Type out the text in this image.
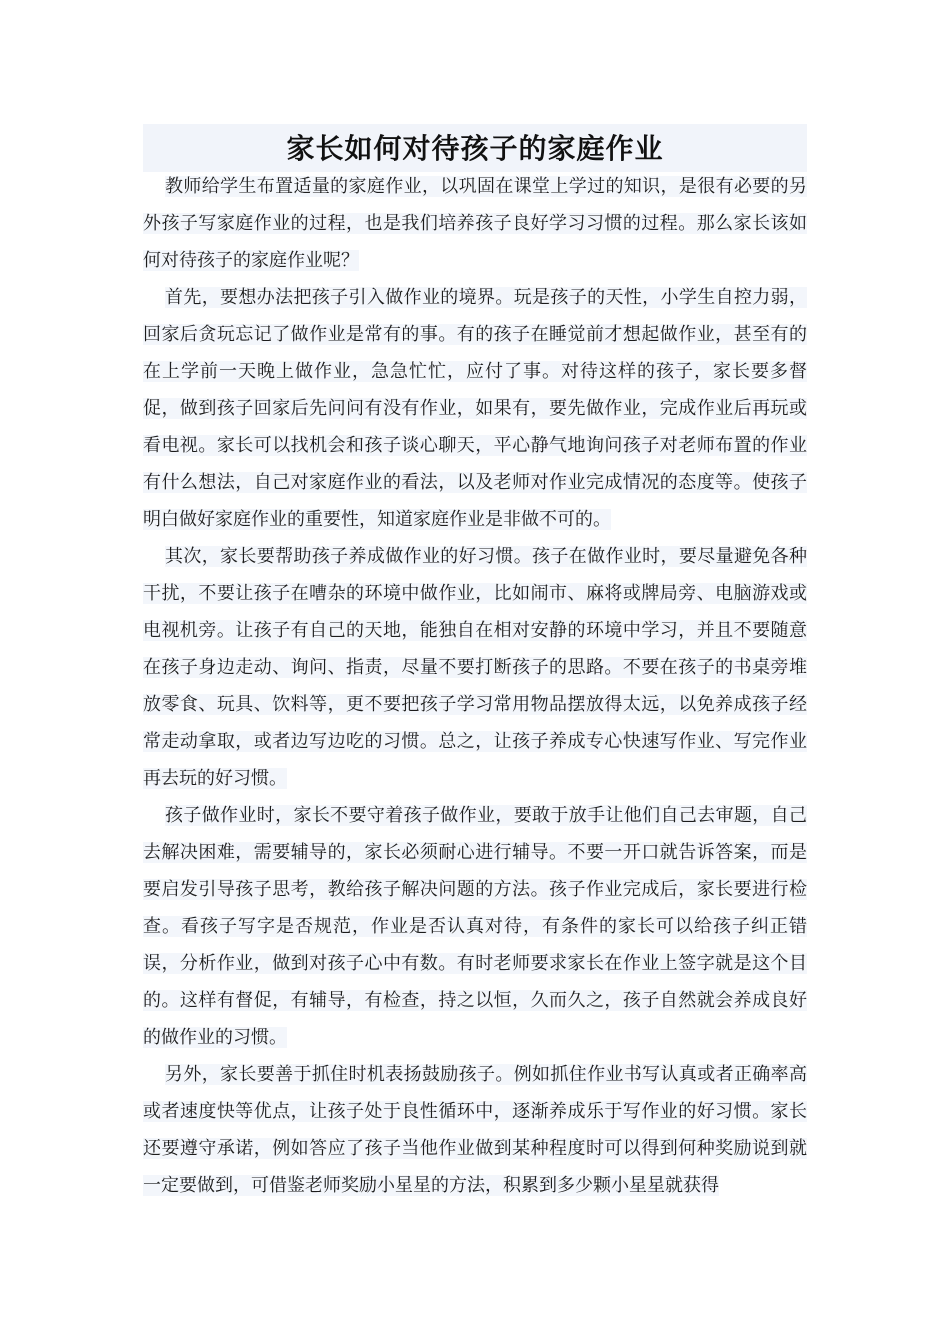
家长如何对待孩子的家庭作业

教师给学生布置适量的家庭作业，以巩固在课堂上学过的知识，是很有必要的另外孩子写家庭作业的过程，也是我们培养孩子良好学习习惯的过程。那么家长该如何对待孩子的家庭作业呢？

首先，要想办法把孩子引入做作业的境界。玩是孩子的天性，小学生自控力弱，回家后贪玩忘记了做作业是常有的事。有的孩子在睡觉前才想起做作业，甚至有的在上学前一天晚上做作业，急急忙忙，应付了事。对待这样的孩子，家长要多督促，做到孩子回家后先问问有没有作业，如果有，要先做作业，完成作业后再玩或看电视。家长可以找机会和孩子谈心聊天，平心静气地询问孩子对老师布置的作业有什么想法，自己对家庭作业的看法，以及老师对作业完成情况的态度等。使孩子明白做好家庭作业的重要性，知道家庭作业是非做不可的。

其次，家长要帮助孩子养成做作业的好习惯。孩子在做作业时，要尽量避免各种干扰，不要让孩子在嘈杂的环境中做作业，比如闹市、麻将或牌局旁、电脑游戏或电视机旁。让孩子有自己的天地，能独自在相对安静的环境中学习，并且不要随意在孩子身边走动、询问、指责，尽量不要打断孩子的思路。不要在孩子的书桌旁堆放零食、玩具、饮料等，更不要把孩子学习常用物品摆放得太远，以免养成孩子经常走动拿取，或者边写边吃的习惯。总之，让孩子养成专心快速写作业、写完作业再去玩的好习惯。

孩子做作业时，家长不要守着孩子做作业，要敢于放手让他们自己去审题，自己去解决困难，需要辅导的，家长必须耐心进行辅导。不要一开口就告诉答案，而是要启发引导孩子思考，教给孩子解决问题的方法。孩子作业完成后，家长要进行检查。看孩子写字是否规范，作业是否认真对待，有条件的家长可以给孩子纠正错误，分析作业，做到对孩子心中有数。有时老师要求家长在作业上签字就是这个目的。这样有督促，有辅导，有检查，持之以恒，久而久之，孩子自然就会养成良好的做作业的习惯。

另外，家长要善于抓住时机表扬鼓励孩子。例如抓住作业书写认真或者正确率高或者速度快等优点，让孩子处于良性循环中，逐渐养成乐于写作业的好习惯。家长还要遵守承诺，例如答应了孩子当他作业做到某种程度时可以得到何种奖励说到就一定要做到，可借鉴老师奖励小星星的方法，积累到多少颗小星星就获得
